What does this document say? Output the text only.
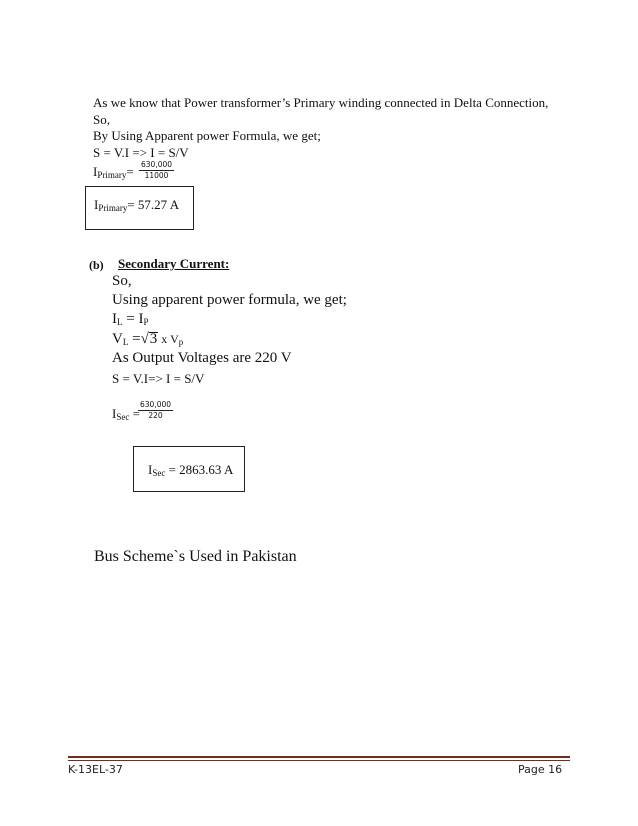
As we know that Power transformer’s Primary winding connected in Delta Connection,
So,
By Using Apparent power Formula, we get;
S = V.I => I = S/V
$I_{Primary}= 630,000$
11000
$I_{Primary}= 57.27$ A
(b) Secondary Current:
So,
Using apparent power formula, we get;
$I_L = I_P$
$V_L =√3$ x $V_p$
As Output Voltages are 220 V
S = V.I=> I = S/V
$I_{Sec}$ =
630,000
220
$I_{Sec} = 2863.63$ A
Bus Scheme`s Used in Pakistan
K-13EL-37	Page 16
